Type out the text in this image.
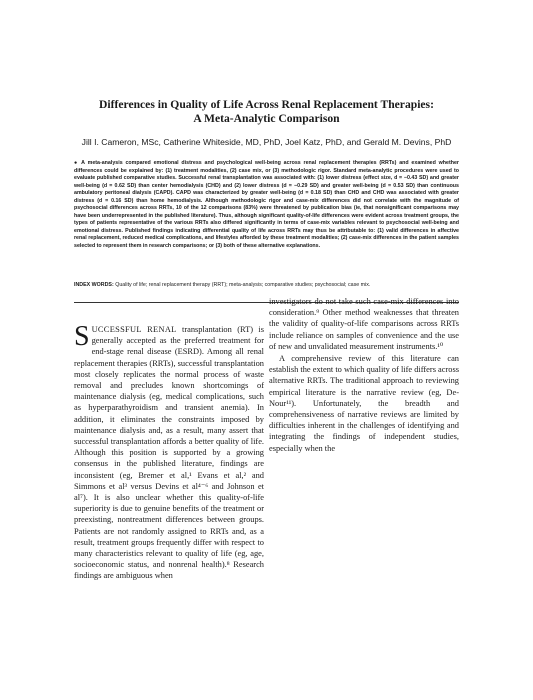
Differences in Quality of Life Across Renal Replacement Therapies:
A Meta-Analytic Comparison

Jill I. Cameron, MSc, Catherine Whiteside, MD, PhD, Joel Katz, PhD, and Gerald M. Devins, PhD

● A meta-analysis compared emotional distress and psychological well-being across renal replacement therapies (RRTs) and examined whether differences could be explained by: (1) treatment modalities, (2) case mix, or (3) methodologic rigor. Standard meta-analytic procedures were used to evaluate published comparative studies. Successful renal transplantation was associated with: (1) lower distress (effect size, d = −0.43 SD) and greater well-being (d = 0.62 SD) than center hemodialysis (CHD) and (2) lower distress (d = −0.29 SD) and greater well-being (d = 0.53 SD) than continuous ambulatory peritoneal dialysis (CAPD). CAPD was characterized by greater well-being (d = 0.18 SD) than CHD and CHD was associated with greater distress (d = 0.16 SD) than home hemodialysis. Although methodologic rigor and case-mix differences did not correlate with the magnitude of psychosocial differences across RRTs, 10 of the 12 comparisons (83%) were threatened by publication bias (ie, that nonsignificant comparisons may have been underrepresented in the published literature). Thus, although significant quality-of-life differences were evident across treatment groups, the types of patients representative of the various RRTs also differed significantly in terms of case-mix variables relevant to psychosocial well-being and emotional distress. Published findings indicating differential quality of life across RRTs may thus be attributable to: (1) valid differences in affective renal replacement, reduced medical complications, and lifestyles afforded by these treatment modalities; (2) case-mix differences in the patient samples selected to represent them in research comparisons; or (3) both of these alternative explanations.

INDEX WORDS: Quality of life; renal replacement therapy (RRT); meta-analysis; comparative studies; psychosocial; case mix.

SUCCESSFUL RENAL transplantation (RT) is generally accepted as the preferred treatment for end-stage renal disease (ESRD). Among all renal replacement therapies (RRTs), successful transplantation most closely replicates the normal process of waste removal and precludes known shortcomings of maintenance dialysis (eg, medical complications, such as hyperparathyroidism and transient anemia). In addition, it eliminates the constraints imposed by maintenance dialysis and, as a result, many assert that successful transplantation affords a better quality of life. Although this position is supported by a growing consensus in the published literature, findings are inconsistent (eg, Bremer et al,¹ Evans et al,² and Simmons et al³ versus Devins et al⁴⁻⁶ and Johnson et al⁷). It is also unclear whether this quality-of-life superiority is due to genuine benefits of the treatment or preexisting, nontreatment differences between groups. Patients are not randomly assigned to RRTs and, as a result, treatment groups frequently differ with respect to many characteristics relevant to quality of life (eg, age, socioeconomic status, and nonrenal health).⁸ Research findings are ambiguous when

investigators do not take such case-mix differences into consideration.⁹ Other method weaknesses that threaten the validity of quality-of-life comparisons across RRTs include reliance on samples of convenience and the use of new and unvalidated measurement instruments.¹⁰

A comprehensive review of this literature can establish the extent to which quality of life differs across alternative RRTs. The traditional approach to reviewing empirical literature is the narrative review (eg, De-Nour¹¹). Unfortunately, the breadth and comprehensiveness of narrative reviews are limited by difficulties inherent in the challenges of identifying and integrating the findings of independent studies, especially when the
